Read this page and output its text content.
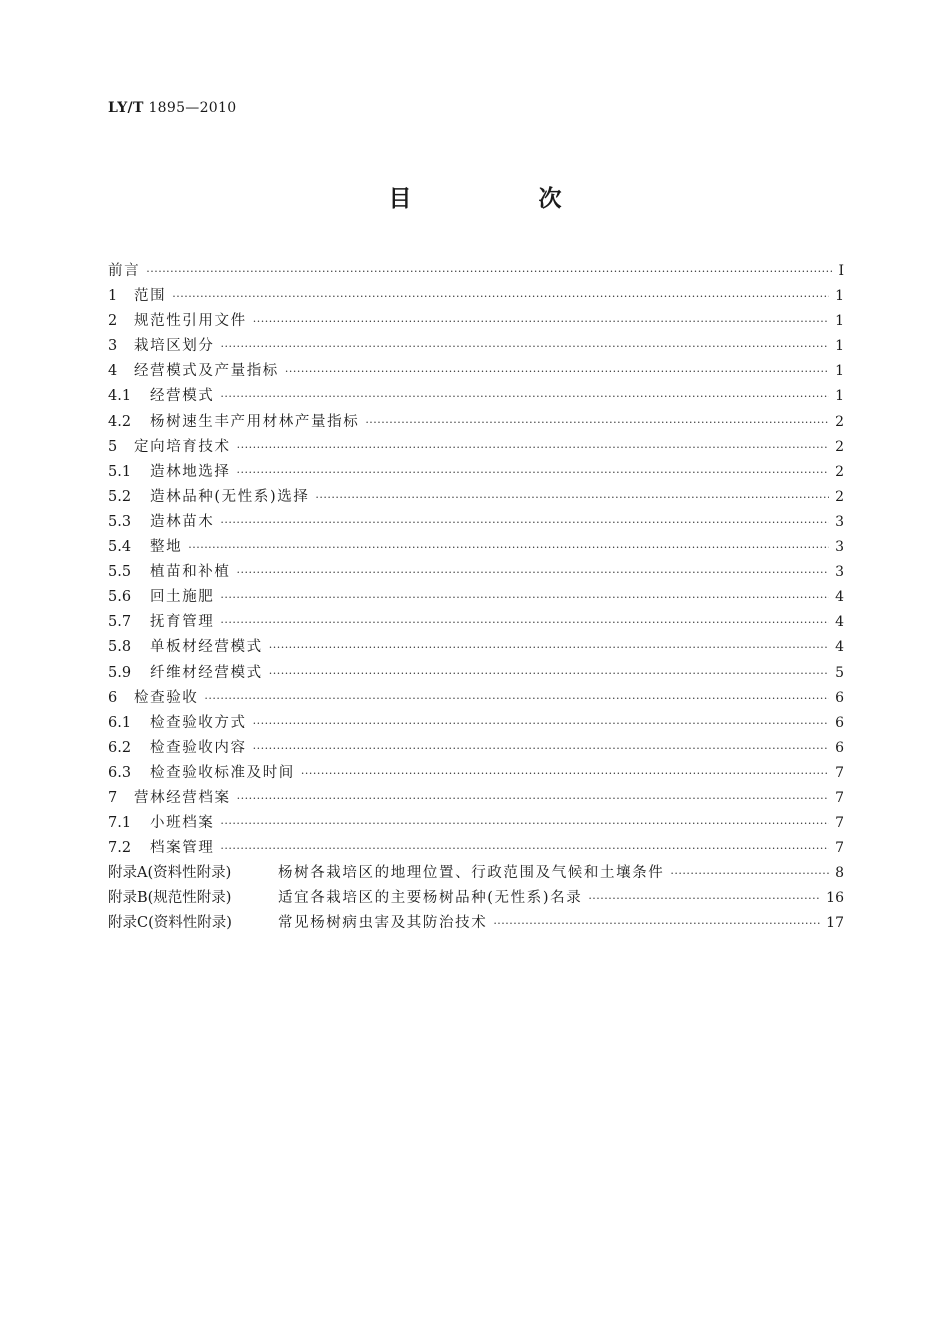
LY/T 1895—2010
目　次
前言 ·····	Ⅰ
1	范围 ·····	1
2	规范性引用文件 ·····	1
3	栽培区划分 ·····	1
4	经营模式及产量指标 ·····	1
4.1	经营模式 ·····	1
4.2	杨树速生丰产用材林产量指标 ·····	2
5	定向培育技术 ·····	2
5.1	造林地选择 ·····	2
5.2	造林品种(无性系)选择 ·····	2
5.3	造林苗木 ·····	3
5.4	整地 ·····	3
5.5	植苗和补植 ·····	3
5.6	回土施肥 ·····	4
5.7	抚育管理 ·····	4
5.8	单板材经营模式 ·····	4
5.9	纤维材经营模式 ·····	5
6	检查验收 ·····	6
6.1	检查验收方式 ·····	6
6.2	检查验收内容 ·····	6
6.3	检查验收标准及时间 ·····	7
7	营林经营档案 ·····	7
7.1	小班档案 ·····	7
7.2	档案管理 ·····	7
附录A(资料性附录)	杨树各栽培区的地理位置、行政范围及气候和土壤条件 ·····	8
附录B(规范性附录)	适宜各栽培区的主要杨树品种(无性系)名录 ·····	16
附录C(资料性附录)	常见杨树病虫害及其防治技术 ·····	17
